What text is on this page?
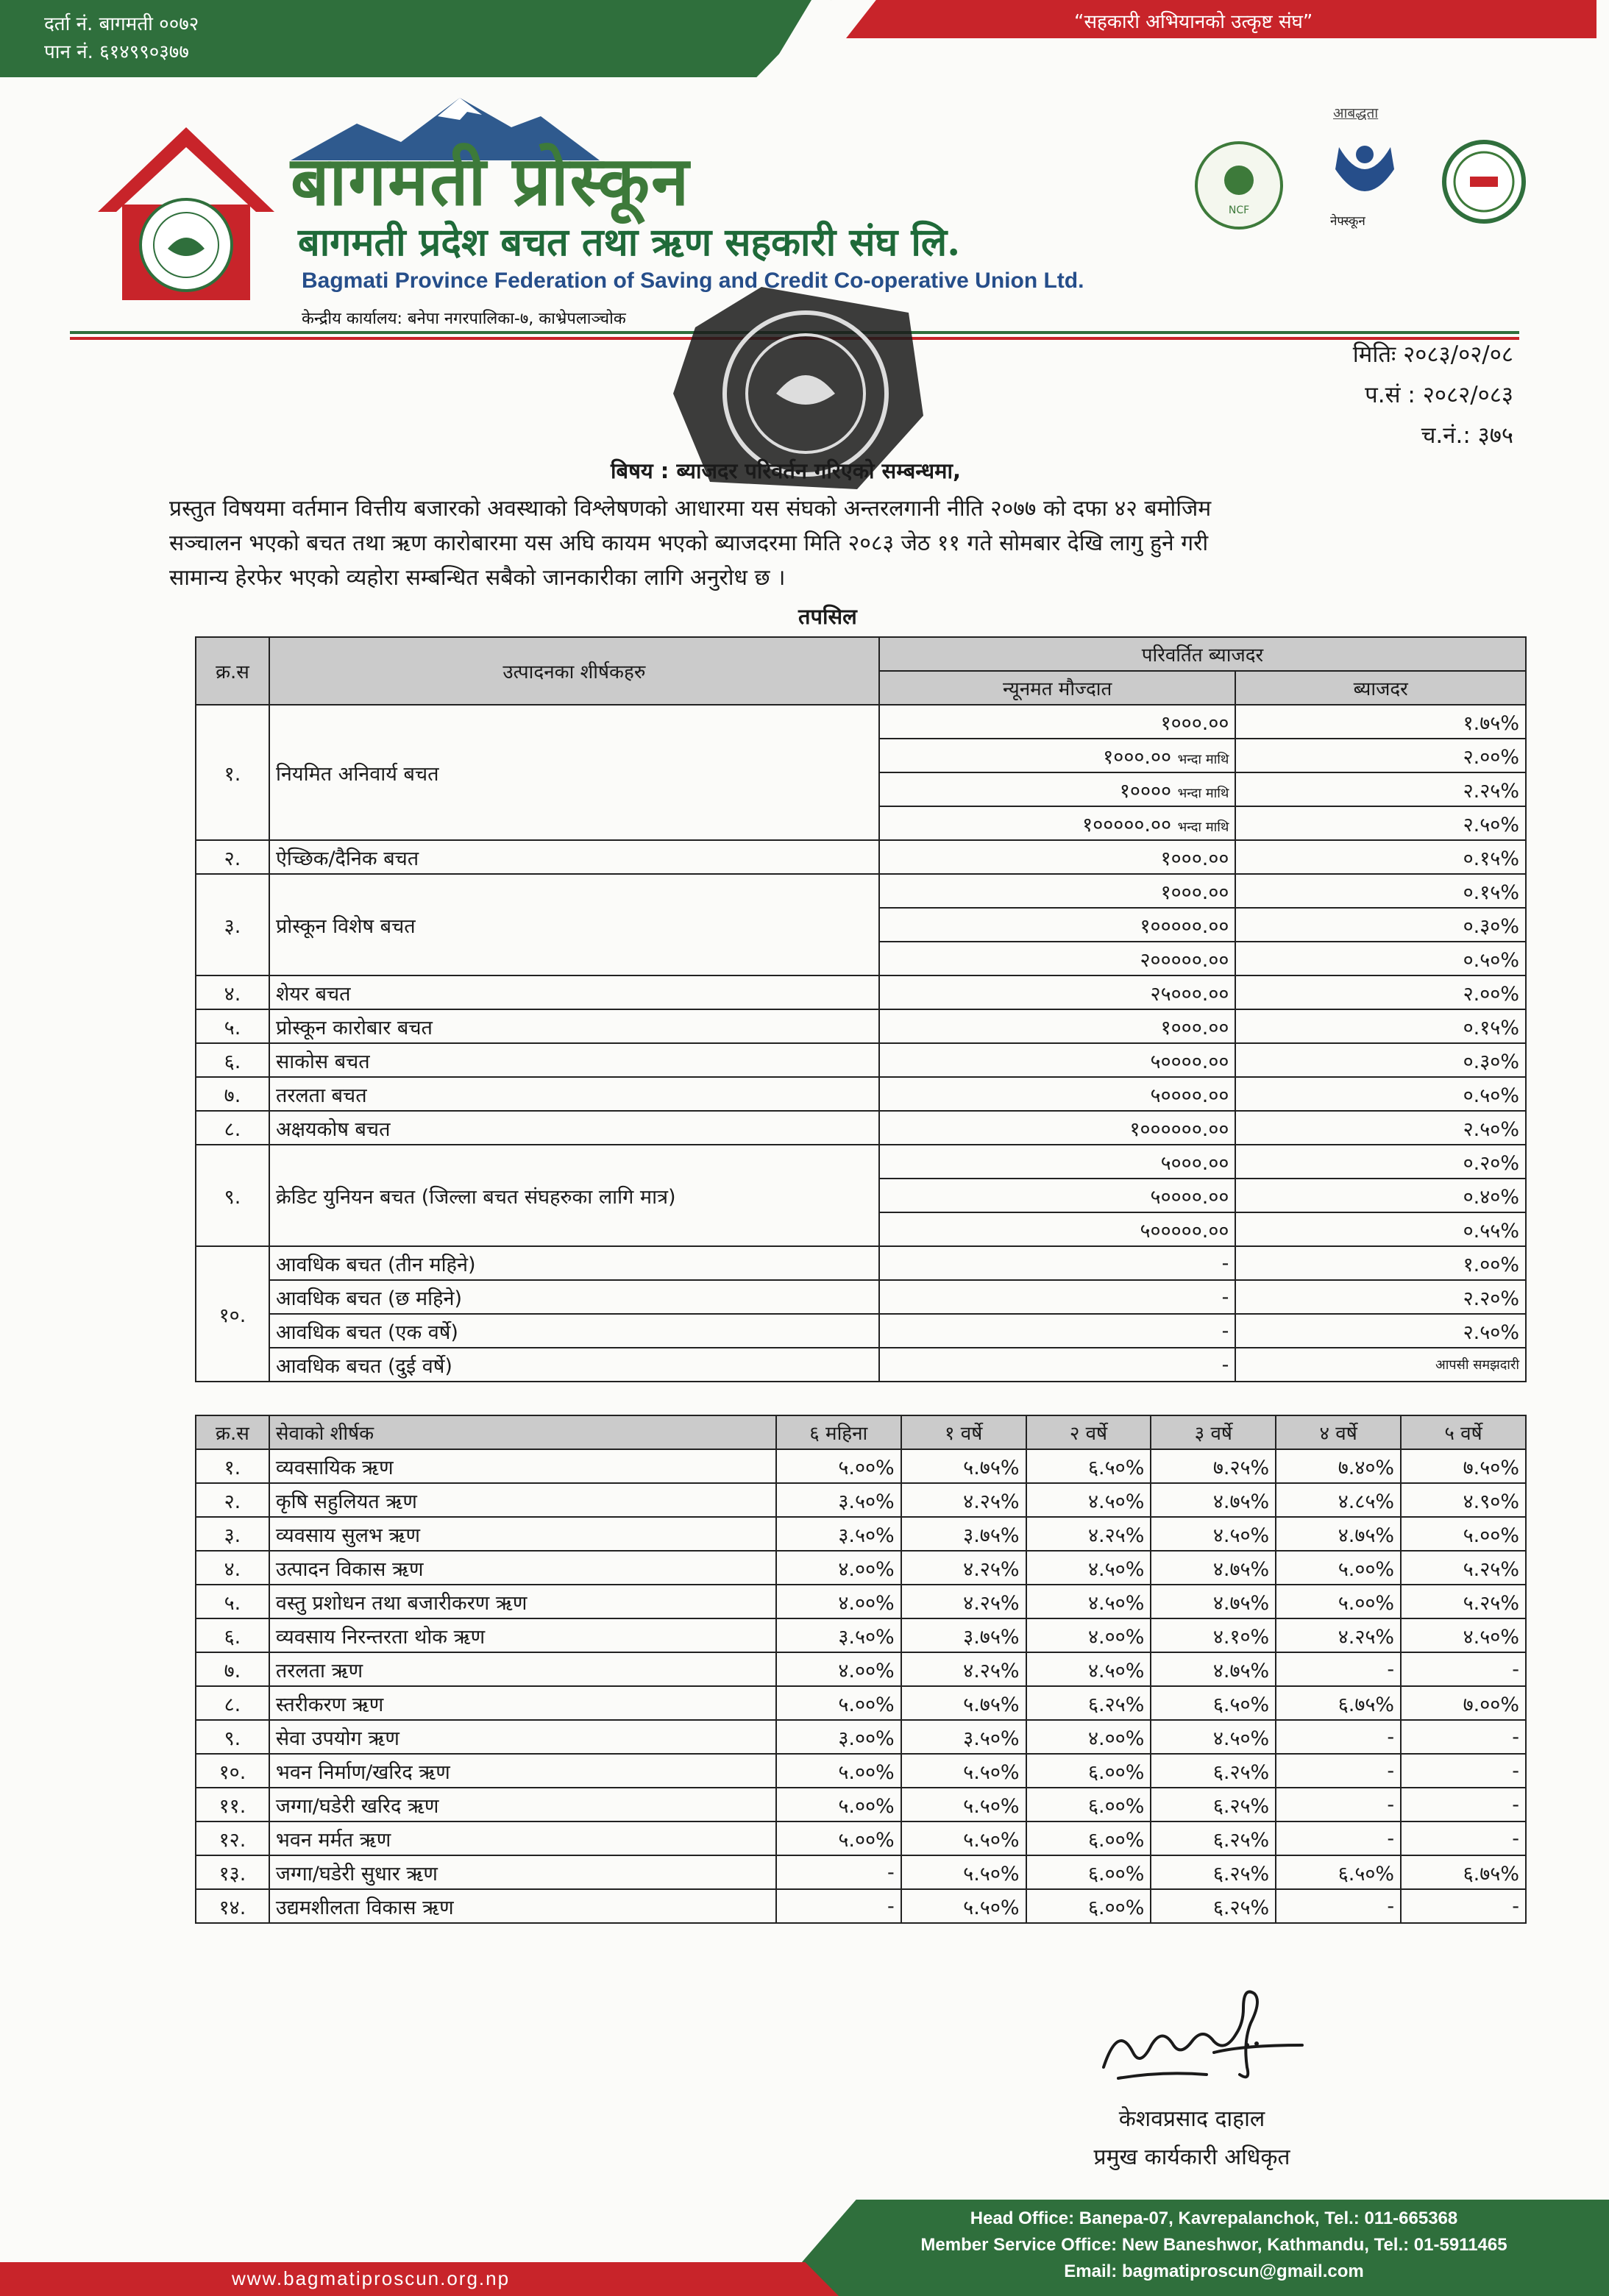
दर्ता नं. बागमती ००७२
पान नं. ६१४९९०३७७
“सहकारी अभियानको उत्कृष्ट संघ”
बागमती प्रोस्कून
बागमती प्रदेश बचत तथा ऋण सहकारी संघ लि.
Bagmati Province Federation of Saving and Credit Co-operative Union Ltd.
केन्द्रीय कार्यालय: बनेपा नगरपालिका-७, काभ्रेपलाञ्चोक
आबद्धता
NCF
नेफ्स्कून
मितिः २०८३/०२/०८
प.सं : २०८२/०८३
च.नं.: ३७५
बिषय : ब्याजदर परिवर्तन गरिएको सम्बन्धमा,
प्रस्तुत विषयमा वर्तमान वित्तीय बजारको अवस्थाको विश्लेषणको आधारमा यस संघको अन्तरलगानी नीति २०७७ को दफा ४२ बमोजिम
सञ्चालन भएको बचत तथा ऋण कारोबारमा यस अघि कायम भएको ब्याजदरमा मिति २०८३ जेठ ११ गते सोमबार देखि लागु हुने गरी
सामान्य हेरफेर भएको व्यहोरा सम्बन्धित सबैको जानकारीका लागि अनुरोध छ ।
तपसिल
क्र.स	उत्पादनका शीर्षकहरु	परिवर्तित ब्याजदर	
		न्यूनमत मौज्दात	ब्याजदर
१.	नियमित अनिवार्य बचत	१०००.००	१.७५%
		१०००.०० भन्दा माथि	२.००%
		१०००० भन्दा माथि	२.२५%
		१०००००.०० भन्दा माथि	२.५०%
२.	ऐच्छिक/दैनिक बचत	१०००.००	०.१५%
३.	प्रोस्कून विशेष बचत	१०००.००	०.१५%
		१०००००.००	०.३०%
		२०००००.००	०.५०%
४.	शेयर बचत	२५०००.००	२.००%
५.	प्रोस्कून कारोबार बचत	१०००.००	०.१५%
६.	साकोस बचत	५००००.००	०.३०%
७.	तरलता बचत	५००००.००	०.५०%
८.	अक्षयकोष बचत	१००००००.००	२.५०%
९.	क्रेडिट युनियन बचत (जिल्ला बचत संघहरुका लागि मात्र)	५०००.००	०.२०%
		५००००.००	०.४०%
		५०००००.००	०.५५%
१०.	आवधिक बचत (तीन महिने)	-	१.००%
	आवधिक बचत (छ महिने)	-	२.२०%
	आवधिक बचत (एक वर्षे)	-	२.५०%
	आवधिक बचत (दुई वर्षे)	-	आपसी समझदारी
क्र.स	सेवाको शीर्षक	६ महिना	१ वर्षे	२ वर्षे	३ वर्षे	४ वर्षे	५ वर्षे
१.	व्यवसायिक ऋण	५.००%	५.७५%	६.५०%	७.२५%	७.४०%	७.५०%
२.	कृषि सहुलियत ऋण	३.५०%	४.२५%	४.५०%	४.७५%	४.८५%	४.९०%
३.	व्यवसाय सुलभ ऋण	३.५०%	३.७५%	४.२५%	४.५०%	४.७५%	५.००%
४.	उत्पादन विकास ऋण	४.००%	४.२५%	४.५०%	४.७५%	५.००%	५.२५%
५.	वस्तु प्रशोधन तथा बजारीकरण ऋण	४.००%	४.२५%	४.५०%	४.७५%	५.००%	५.२५%
६.	व्यवसाय निरन्तरता थोक ऋण	३.५०%	३.७५%	४.००%	४.१०%	४.२५%	४.५०%
७.	तरलता ऋण	४.००%	४.२५%	४.५०%	४.७५%	-	-
८.	स्तरीकरण ऋण	५.००%	५.७५%	६.२५%	६.५०%	६.७५%	७.००%
९.	सेवा उपयोग ऋण	३.००%	३.५०%	४.००%	४.५०%	-	-
१०.	भवन निर्माण/खरिद ऋण	५.००%	५.५०%	६.००%	६.२५%	-	-
११.	जग्गा/घडेरी खरिद ऋण	५.००%	५.५०%	६.००%	६.२५%	-	-
१२.	भवन मर्मत ऋण	५.००%	५.५०%	६.००%	६.२५%	-	-
१३.	जग्गा/घडेरी सुधार ऋण	-	५.५०%	६.००%	६.२५%	६.५०%	६.७५%
१४.	उद्यमशीलता विकास ऋण	-	५.५०%	६.००%	६.२५%	-	-
केशवप्रसाद दाहाल
प्रमुख कार्यकारी अधिकृत
Head Office: Banepa-07, Kavrepalanchok, Tel.: 011-665368
Member Service Office: New Baneshwor, Kathmandu, Tel.: 01-5911465
Email: bagmatiproscun@gmail.com
www.bagmatiproscun.org.np
